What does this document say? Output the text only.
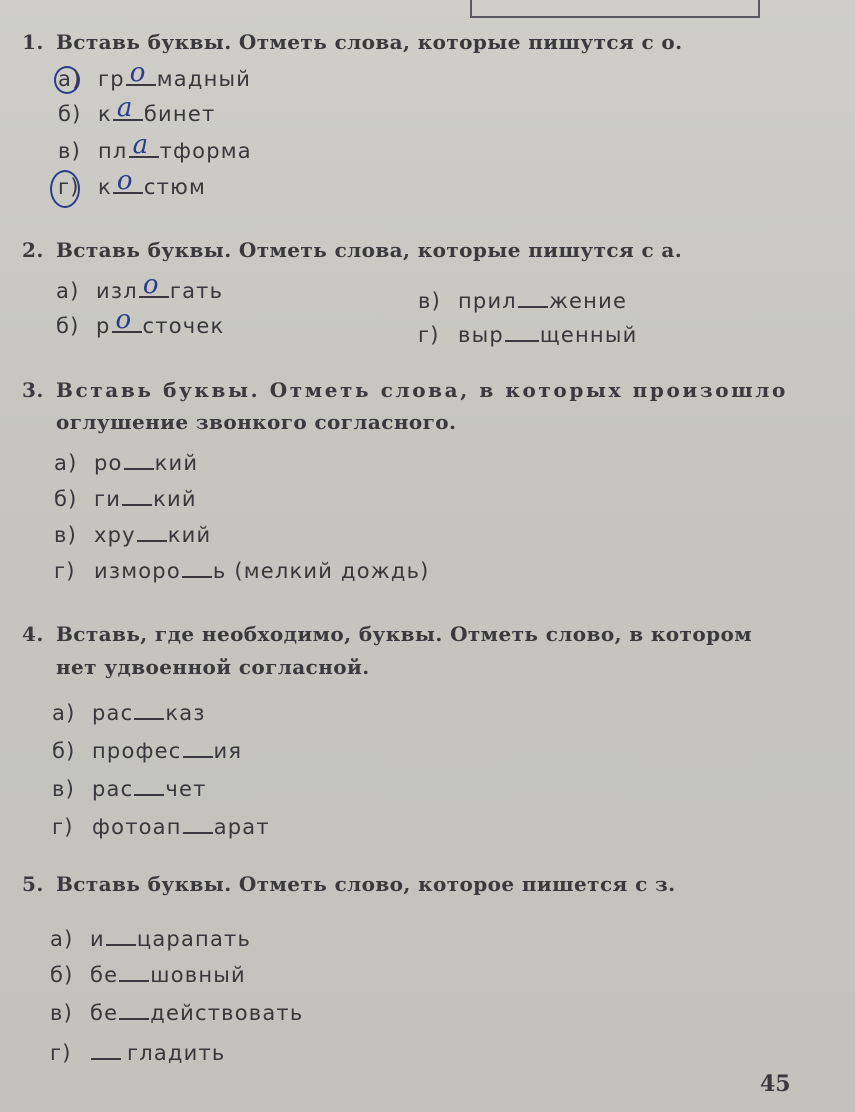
1. Вставь буквы. Отметь слова, которые пишутся с о.
а) гр о мадный
б) к а бинет
в) пл а тформа
г) к о стюм
2. Вставь буквы. Отметь слова, которые пишутся с а.
а) изл о гать
б) р о сточек
в) прил жение
г) выр щенный
3. Вставь буквы. Отметь слова, в которых произошло
оглушение звонкого согласного.
а) ро кий
б) ги кий
в) хру кий
г) измоpo ь (мелкий дождь)
4. Вставь, где необходимо, буквы. Отметь слово, в котором
нет удвоенной согласной.
а) рас каз
б) профес ия
в) рас чет
г) фотоап арат
5. Вставь буквы. Отметь слово, которое пишется с з.
а) и царапать
б) бе шовный
в) бе действовать
г)	гладить
45
